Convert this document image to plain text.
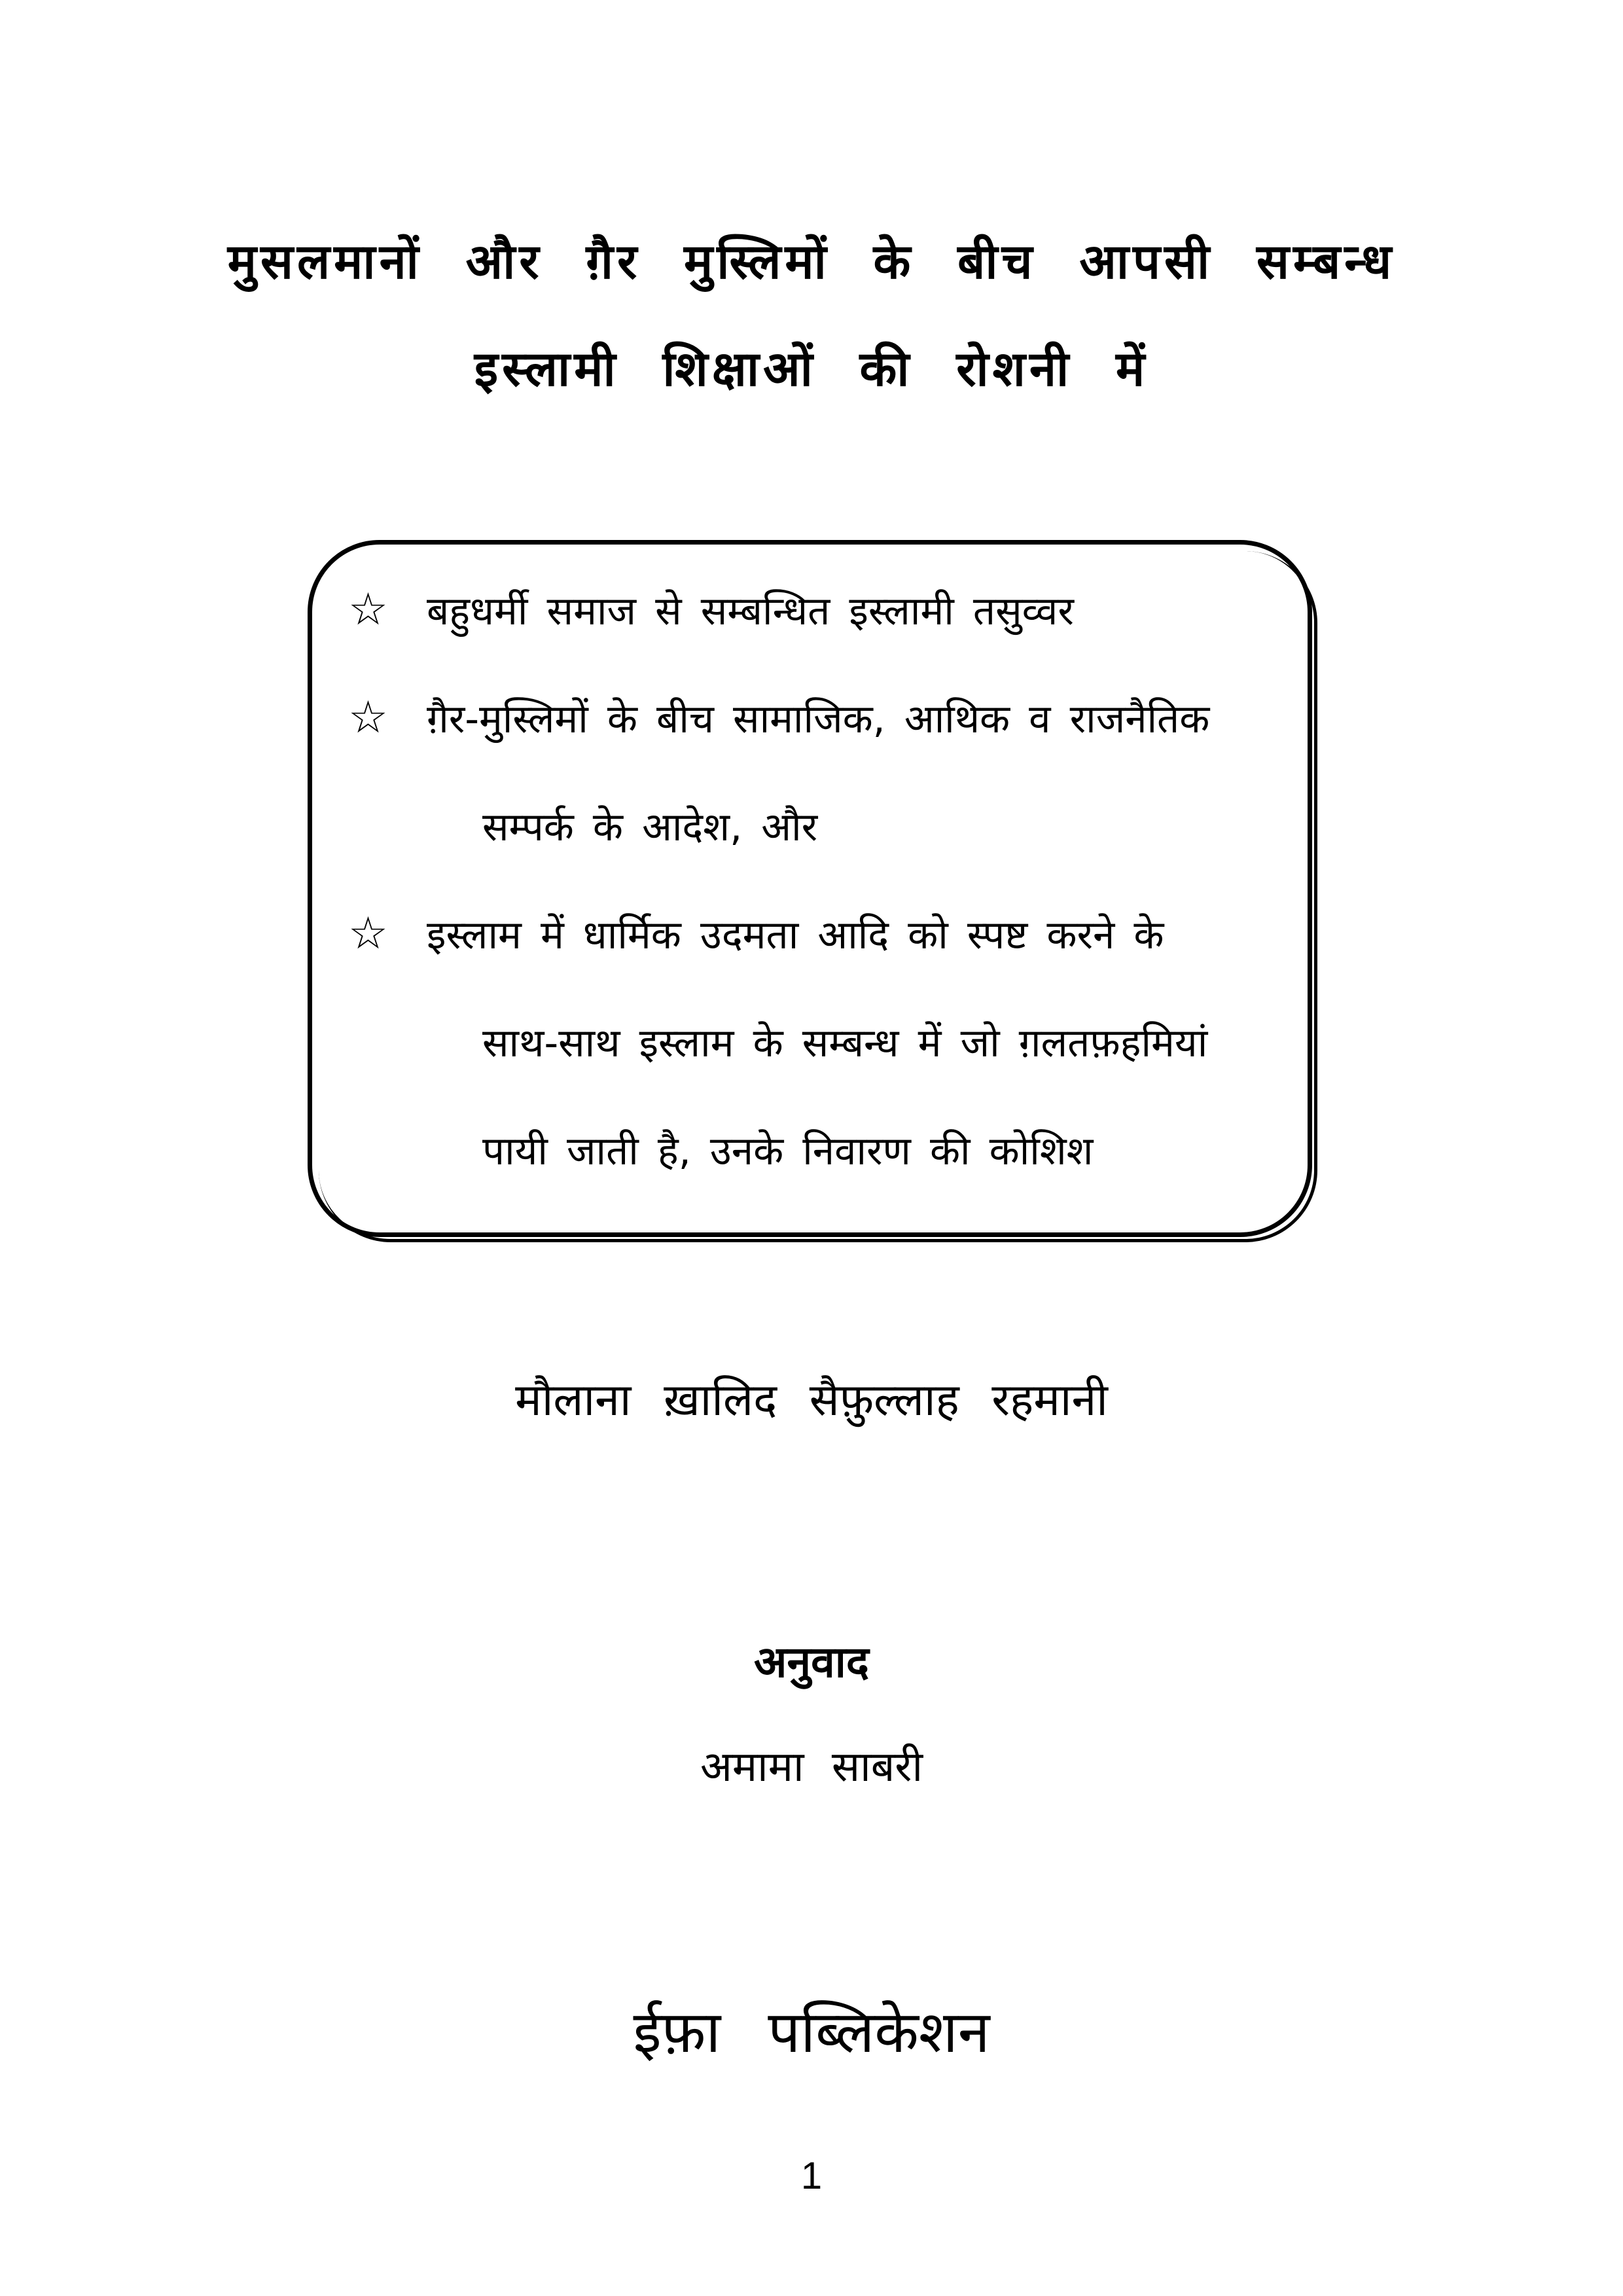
मुसलमानों और ग़ैर मुस्लिमों के बीच आपसी सम्बन्ध

इस्लामी शिक्षाओं की रोशनी में

☆ बहुधर्मी समाज से सम्बन्धित इस्लामी तसुव्वर
☆ ग़ैर-मुस्लिमों के बीच सामाजिक, आथिक व राजनैतिक
सम्पर्क के आदेश, और
☆ इस्लाम में धार्मिक उदमता आदि को स्पष्ट करने के
साथ-साथ इस्लाम के सम्बन्ध में जो ग़लतफ़हमियां
पायी जाती है, उनके निवारण की कोशिश
मौलाना ख़ालिद सैफ़ुल्लाह रहमानी
अनुवाद
अमामा साबरी
ईफ़ा पब्लिकेशन
1
